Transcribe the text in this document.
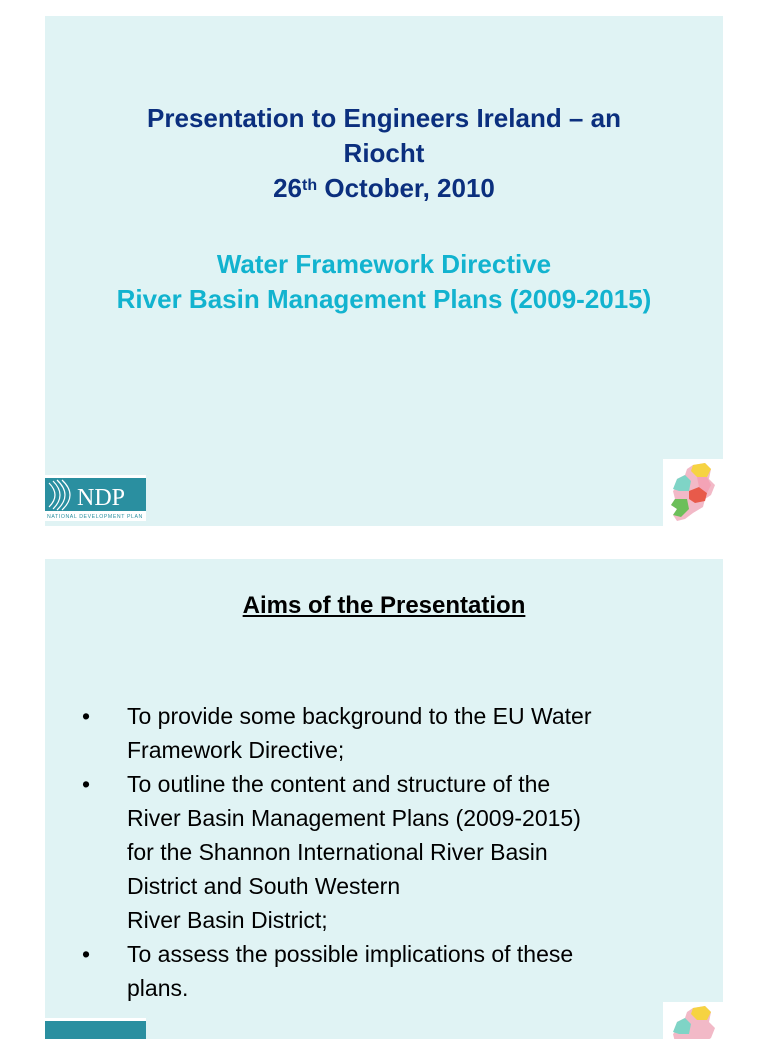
Presentation to Engineers Ireland – an
Riocht
26th October, 2010
Water Framework Directive
River Basin Management Plans (2009-2015)
NDP
NATIONAL DEVELOPMENT PLAN
Aims of the Presentation
• To provide some background to the EU Water
Framework Directive;
• To outline the content and structure of the
River Basin Management Plans (2009-2015)
for the Shannon International River Basin
District and South Western
River Basin District;
• To assess the possible implications of these
plans.
